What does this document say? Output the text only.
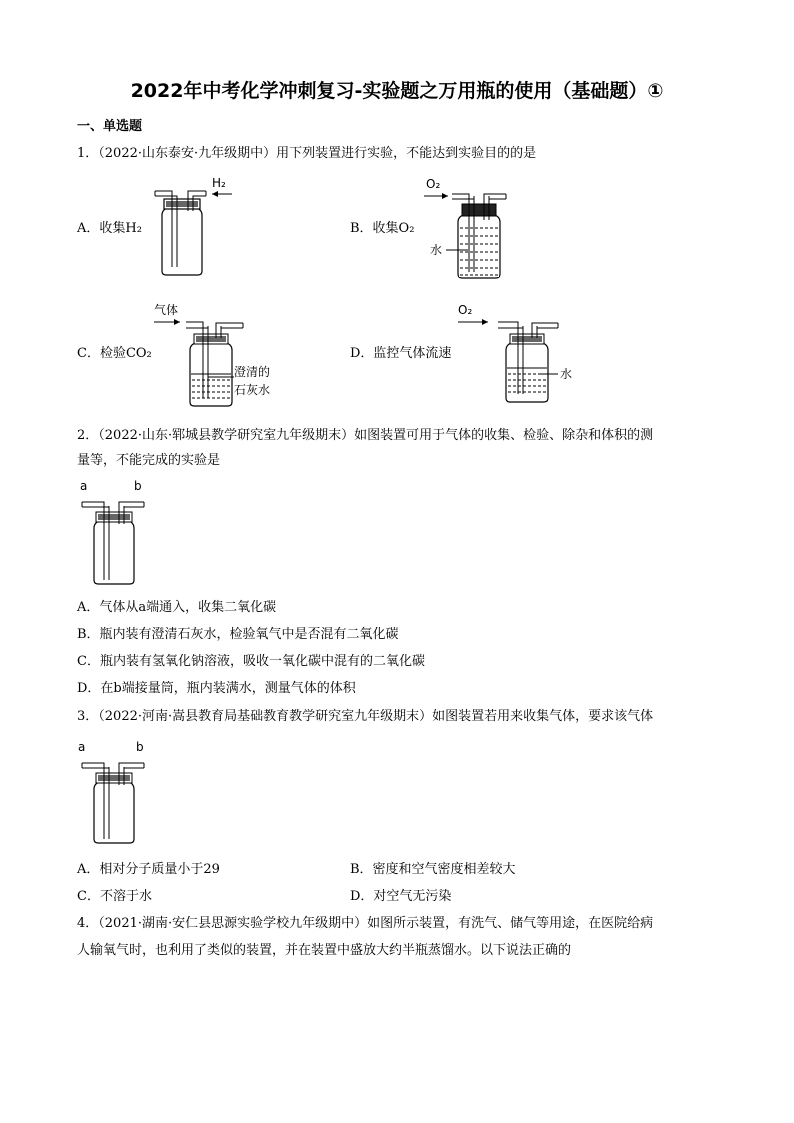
2022年中考化学冲刺复习-实验题之万用瓶的使用（基础题）①
一、单选题
1．（2022·山东泰安·九年级期中）用下列装置进行实验，不能达到实验目的的是
A．收集H₂
H₂
B．收集O₂
O₂
水
C．检验CO₂
气体
澄清的
石灰水
D．监控气体流速
O₂
水
2．（2022·山东·郓城县教学研究室九年级期末）如图装置可用于气体的收集、检验、除杂和体积的测
量等，不能完成的实验是
a	b
A．气体从a端通入，收集二氧化碳
B．瓶内装有澄清石灰水，检验氧气中是否混有二氧化碳
C．瓶内装有氢氧化钠溶液，吸收一氧化碳中混有的二氧化碳
D．在b端接量筒，瓶内装满水，测量气体的体积
3．（2022·河南·嵩县教育局基础教育教学研究室九年级期末）如图装置若用来收集气体，要求该气体
a	b
A．相对分子质量小于29	B．密度和空气密度相差较大
C．不溶于水	D．对空气无污染
4．（2021·湖南·安仁县思源实验学校九年级期中）如图所示装置，有洗气、储气等用途，在医院给病
人输氧气时，也利用了类似的装置，并在装置中盛放大约半瓶蒸馏水。以下说法正确的
